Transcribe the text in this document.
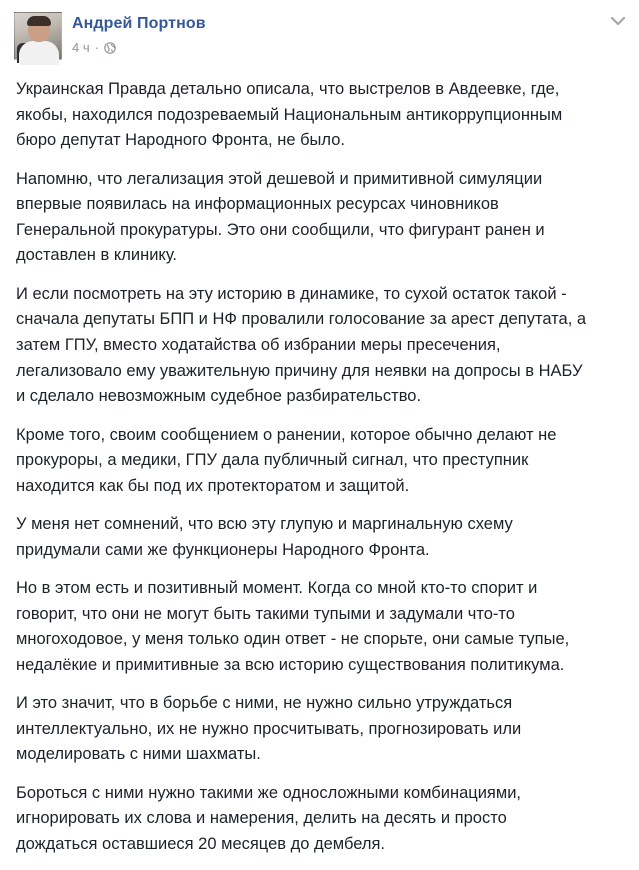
Андрей Портнов
4 ч ·

Украинская Правда детально описала, что выстрелов в Авдеевке, где,
якобы, находился подозреваемый Национальным антикоррупционным
бюро депутат Народного Фронта, не было.

Напомню, что легализация этой дешевой и примитивной симуляции
впервые появилась на информационных ресурсах чиновников
Генеральной прокуратуры. Это они сообщили, что фигурант ранен и
доставлен в клинику.

И если посмотреть на эту историю в динамике, то сухой остаток такой -
сначала депутаты БПП и НФ провалили голосование за арест депутата, а
затем ГПУ, вместо ходатайства об избрании меры пресечения,
легализовало ему уважительную причину для неявки на допросы в НАБУ
и сделало невозможным судебное разбирательство.

Кроме того, своим сообщением о ранении, которое обычно делают не
прокуроры, а медики, ГПУ дала публичный сигнал, что преступник
находится как бы под их протекторатом и защитой.

У меня нет сомнений, что всю эту глупую и маргинальную схему
придумали сами же функционеры Народного Фронта.

Но в этом есть и позитивный момент. Когда со мной кто-то спорит и
говорит, что они не могут быть такими тупыми и задумали что-то
многоходовое, у меня только один ответ - не спорьте, они самые тупые,
недалёкие и примитивные за всю историю существования политикума.

И это значит, что в борьбе с ними, не нужно сильно утруждаться
интеллектуально, их не нужно просчитывать, прогнозировать или
моделировать с ними шахматы.

Бороться с ними нужно такими же односложными комбинациями,
игнорировать их слова и намерения, делить на десять и просто
дождаться оставшиеся 20 месяцев до дембеля.
